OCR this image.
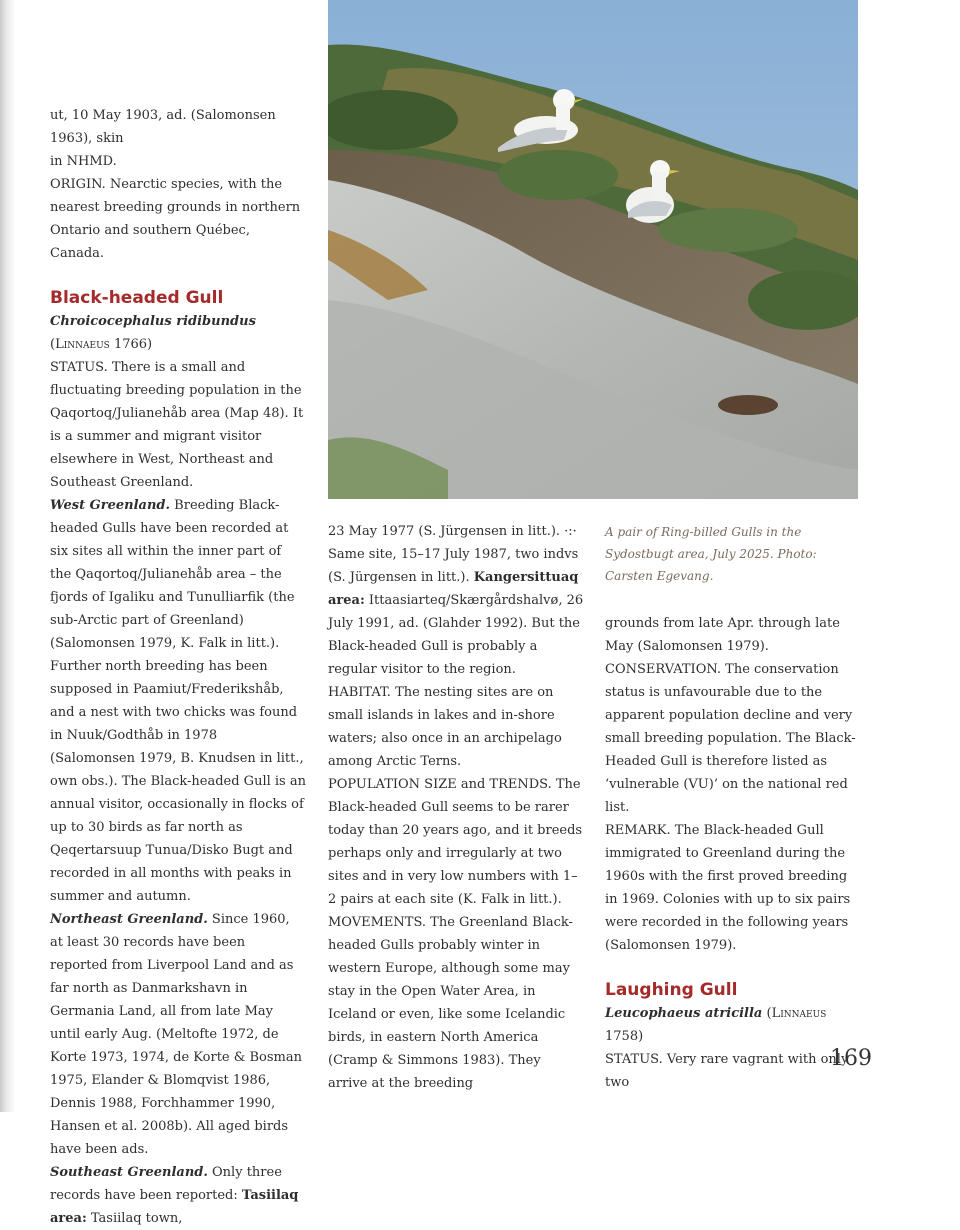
ut, 10 May 1903, ad. (Salomonsen 1963), skin

in NHMD.

ORIGIN. Nearctic species, with the nearest breeding grounds in northern Ontario and southern Québec, Canada.

Black-headed Gull

Chroicocephalus ridibundus (Linnaeus 1766)

STATUS. There is a small and fluctuating breeding population in the Qaqortoq/Julianehåb area (Map 48). It is a summer and migrant visitor elsewhere in West, Northeast and Southeast Greenland.

West Greenland. Breeding Black-headed Gulls have been recorded at six sites all within the inner part of the Qaqortoq/Julianehåb area – the fjords of Igaliku and Tunulliarfik (the sub-Arctic part of Greenland) (Salomonsen 1979, K. Falk in litt.). Further north breeding has been supposed in Paamiut/Frederikshåb, and a nest with two chicks was found in Nuuk/Godthåb in 1978 (Salomonsen 1979, B. Knudsen in litt., own obs.). The Black-headed Gull is an annual visitor, occasionally in flocks of up to 30 birds as far north as Qeqertarsuup Tunua/Disko Bugt and recorded in all months with peaks in summer and autumn.

Northeast Greenland. Since 1960, at least 30 records have been reported from Liverpool Land and as far north as Danmarkshavn in Germania Land, all from late May until early Aug. (Meltofte 1972, de Korte 1973, 1974, de Korte & Bosman 1975, Elander & Blomqvist 1986, Dennis 1988, Forchhammer 1990, Hansen et al. 2008b). All aged birds have been ads.

Southeast Greenland. Only three records have been reported: Tasiilaq area: Tasiilaq town,

A pair of Ring-billed Gulls in the Sydostbugt area, July 2025. Photo: Carsten Egevang.

23 May 1977 (S. Jürgensen in litt.). ·:· Same site, 15–17 July 1987, two indvs (S. Jürgensen in litt.). Kangersittuaq area: Ittaasiarteq/Skærgårdshalvø, 26 July 1991, ad. (Glahder 1992). But the Black-headed Gull is probably a regular visitor to the region.

HABITAT. The nesting sites are on small islands in lakes and in-shore waters; also once in an archipelago among Arctic Terns.

POPULATION SIZE and TRENDS. The Black-headed Gull seems to be rarer today than 20 years ago, and it breeds perhaps only and irregularly at two sites and in very low numbers with 1–2 pairs at each site (K. Falk in litt.).

MOVEMENTS. The Greenland Black-headed Gulls probably winter in western Europe, although some may stay in the Open Water Area, in Iceland or even, like some Icelandic birds, in eastern North America (Cramp & Simmons 1983). They arrive at the breeding

grounds from late Apr. through late May (Salomonsen 1979).

CONSERVATION. The conservation status is unfavourable due to the apparent population decline and very small breeding population. The Black-Headed Gull is therefore listed as ‘vulnerable (VU)’ on the national red list.

REMARK. The Black-headed Gull immigrated to Greenland during the 1960s with the first proved breeding in 1969. Colonies with up to six pairs were recorded in the following years (Salomonsen 1979).

Laughing Gull

Leucophaeus atricilla (Linnaeus 1758)

STATUS. Very rare vagrant with only two

169
